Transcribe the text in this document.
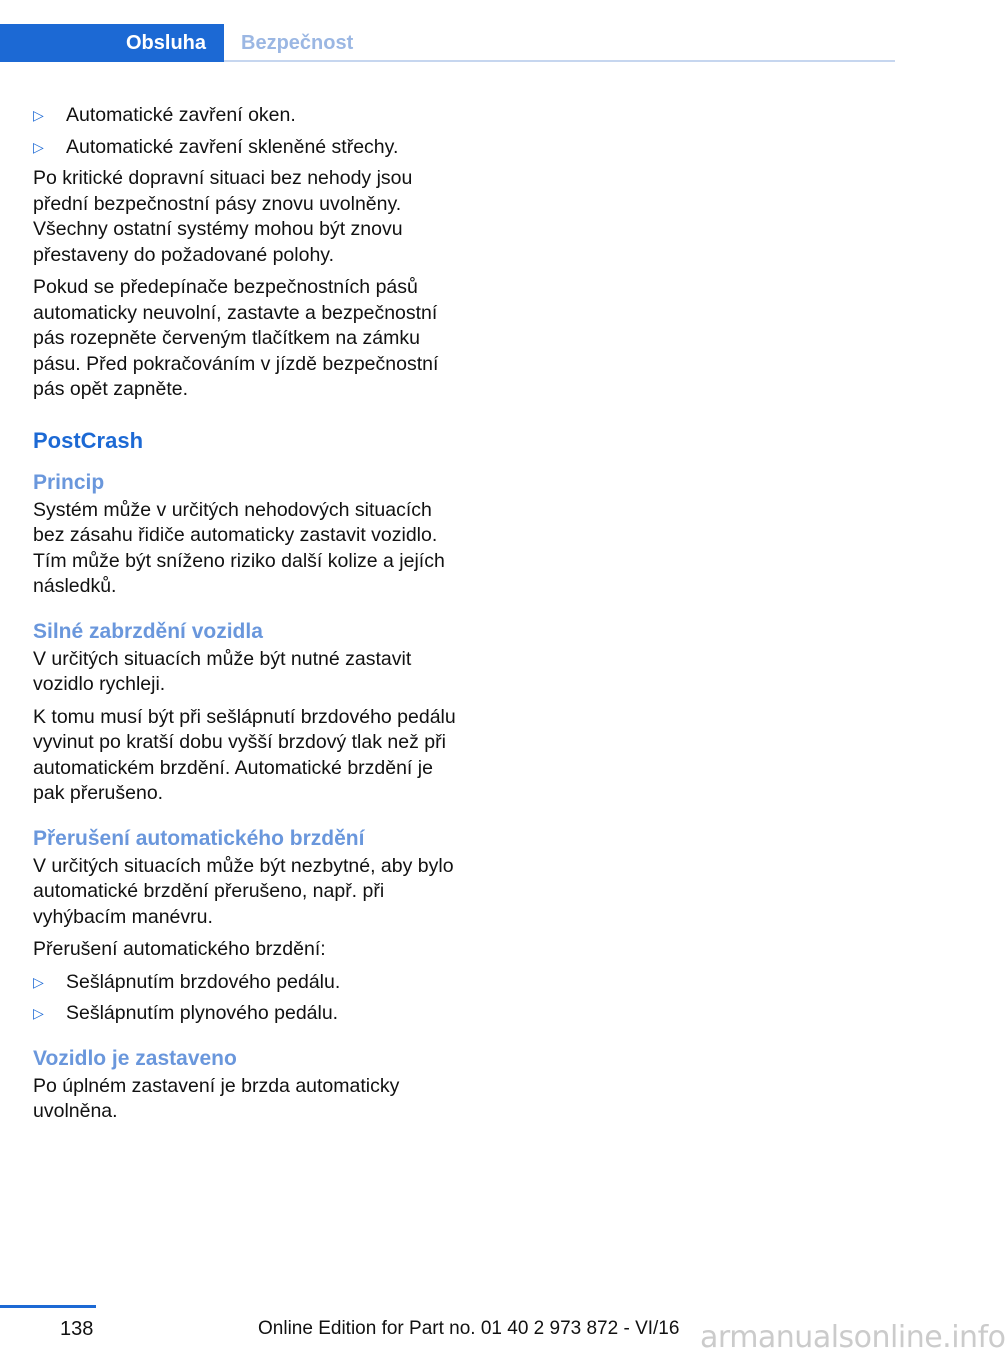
Obsluha Bezpečnost
▷ Automatické zavření oken.
▷ Automatické zavření skleněné střechy.

Po kritické dopravní situaci bez nehody jsou přední bezpečnostní pásy znovu uvolněny. Všechny ostatní systémy mohou být znovu přestaveny do požadované polohy.

Pokud se předepínače bezpečnostních pásů automaticky neuvolní, zastavte a bezpečnostní pás rozepněte červeným tlačítkem na zámku pásu. Před pokračováním v jízdě bezpečnostní pás opět zapněte.

PostCrash
Princip

Systém může v určitých nehodových situacích bez zásahu řidiče automaticky zastavit vozidlo. Tím může být sníženo riziko další kolize a jejích následků.

Silné zabrzdění vozidla

V určitých situacích může být nutné zastavit vozidlo rychleji.

K tomu musí být při sešlápnutí brzdového pedálu vyvinut po kratší dobu vyšší brzdový tlak než při automatickém brzdění. Automatické brzdění je pak přerušeno.

Přerušení automatického brzdění

V určitých situacích může být nezbytné, aby bylo automatické brzdění přerušeno, např. při vyhýbacím manévru.

Přerušení automatického brzdění:

▷ Sešlápnutím brzdového pedálu.
▷ Sešlápnutím plynového pedálu.
Vozidlo je zastaveno

Po úplném zastavení je brzda automaticky uvolněna.

138	Online Edition for Part no. 01 40 2 973 872 - VI/16 armanualsonline.info
